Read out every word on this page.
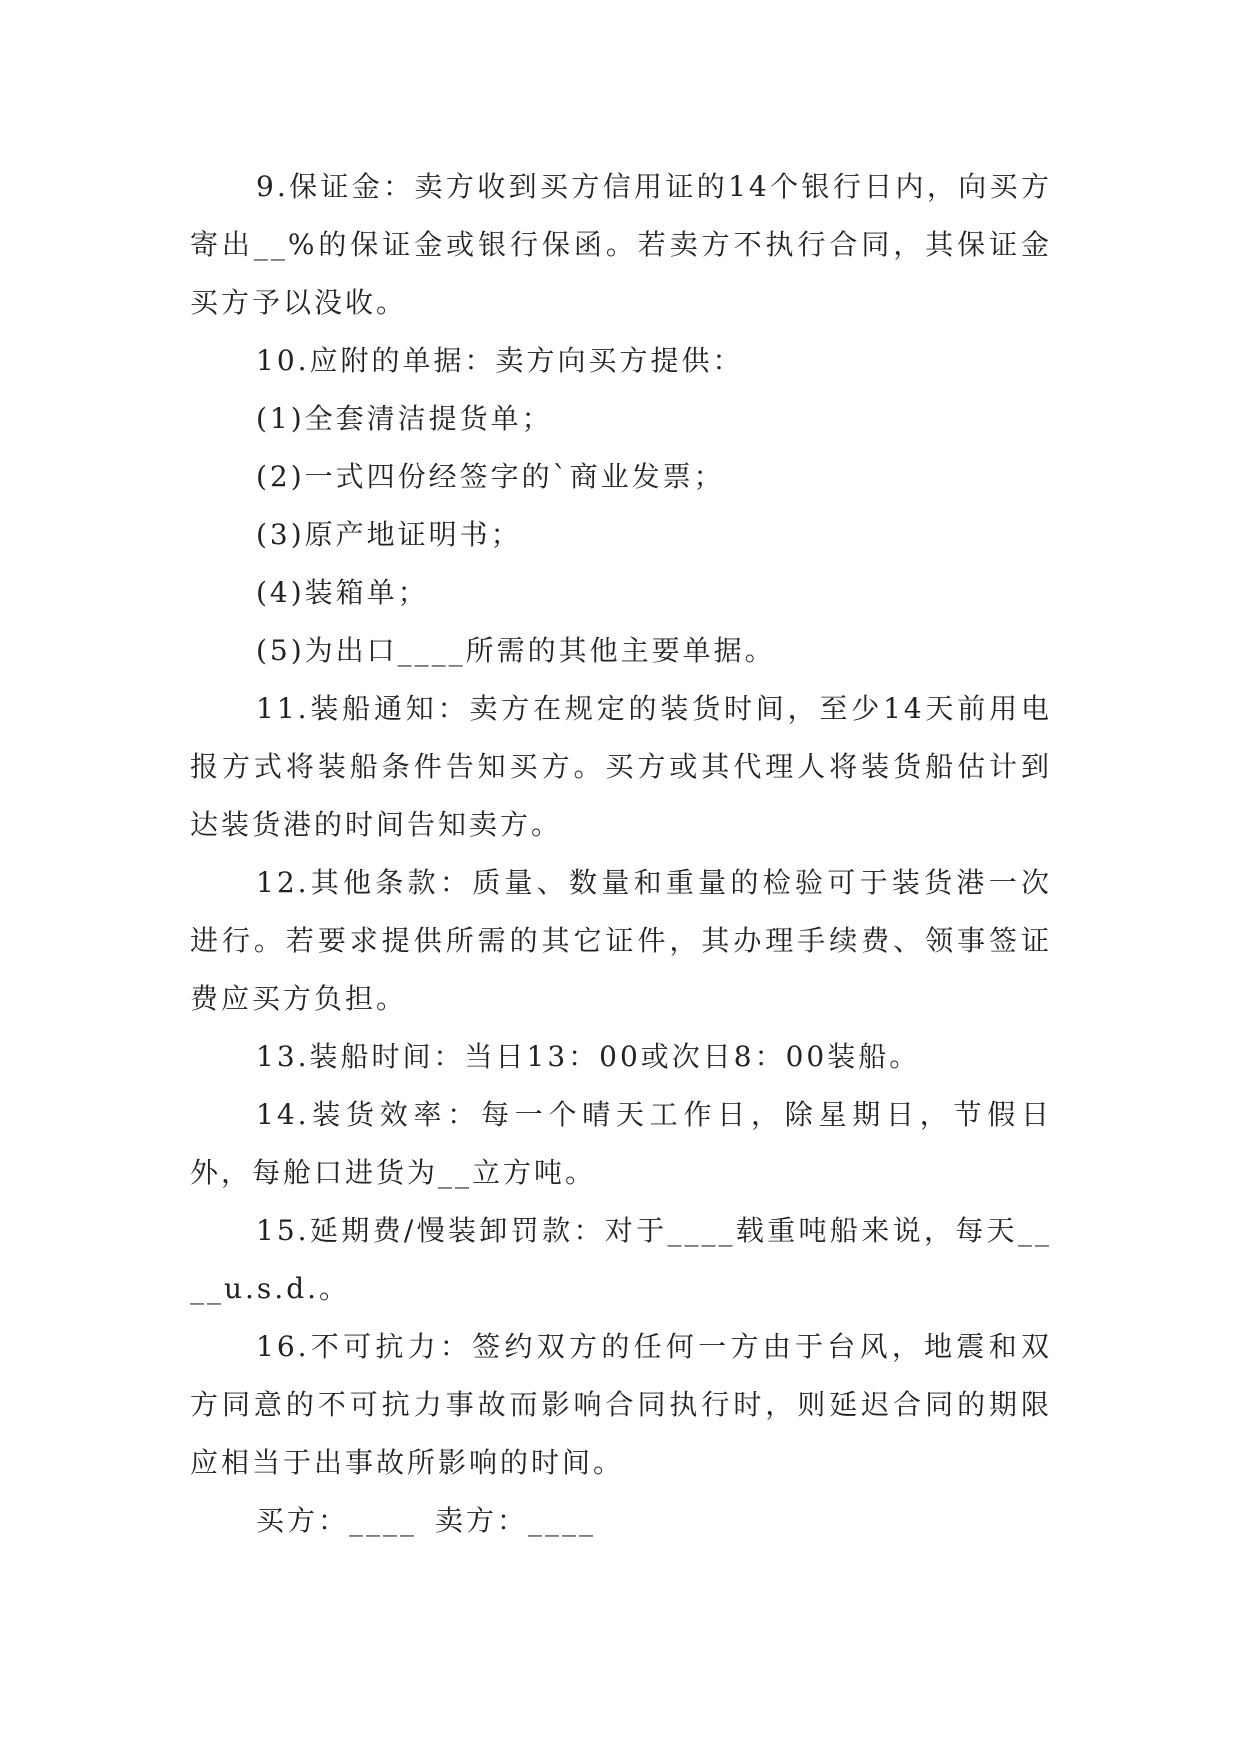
9.保证金：卖方收到买方信用证的14个银行日内，向买方寄出__%的保证金或银行保函。若卖方不执行合同，其保证金买方予以没收。

10.应附的单据：卖方向买方提供：

(1)全套清洁提货单；

(2)一式四份经签字的`商业发票；

(3)原产地证明书；

(4)装箱单；

(5)为出口____所需的其他主要单据。

11.装船通知：卖方在规定的装货时间，至少14天前用电报方式将装船条件告知买方。买方或其代理人将装货船估计到达装货港的时间告知卖方。

12.其他条款：质量、数量和重量的检验可于装货港一次进行。若要求提供所需的其它证件，其办理手续费、领事签证费应买方负担。

13.装船时间：当日13：00或次日8：00装船。

14.装货效率：每一个晴天工作日，除星期日，节假日外，每舱口进货为__立方吨。

15.延期费/慢装卸罚款：对于____载重吨船来说，每天____u.s.d.。

16.不可抗力：签约双方的任何一方由于台风，地震和双方同意的不可抗力事故而影响合同执行时，则延迟合同的期限应相当于出事故所影响的时间。

买方：____ 卖方：____
